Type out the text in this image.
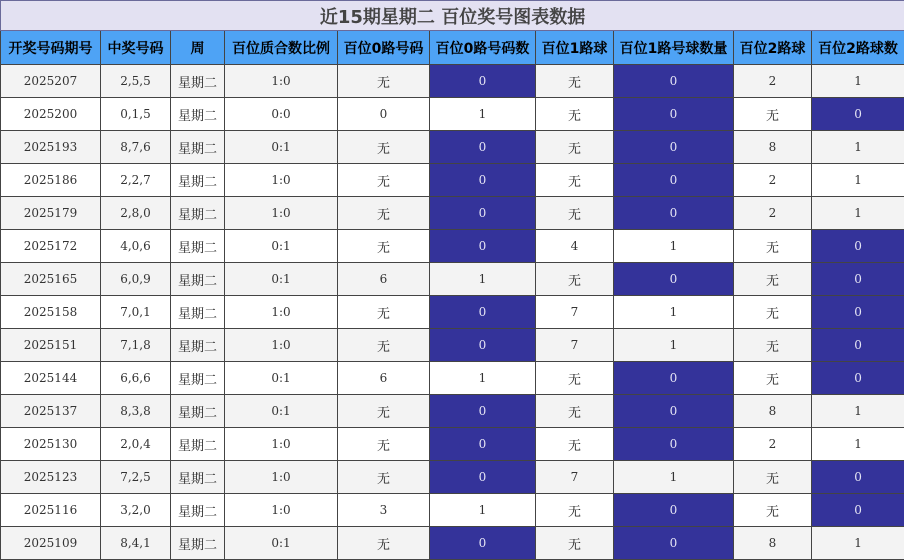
近15期星期二 百位奖号图表数据									
开奖号码期号	中奖号码	周	百位质合数比例	百位0路号码	百位0路号码数	百位1路球	百位1路号球数量	百位2路球	百位2路球数
2025207	2,5,5	星期二	1:0	无	0	无	0	2	1
2025200	0,1,5	星期二	0:0	0	1	无	0	无	0
2025193	8,7,6	星期二	0:1	无	0	无	0	8	1
2025186	2,2,7	星期二	1:0	无	0	无	0	2	1
2025179	2,8,0	星期二	1:0	无	0	无	0	2	1
2025172	4,0,6	星期二	0:1	无	0	4	1	无	0
2025165	6,0,9	星期二	0:1	6	1	无	0	无	0
2025158	7,0,1	星期二	1:0	无	0	7	1	无	0
2025151	7,1,8	星期二	1:0	无	0	7	1	无	0
2025144	6,6,6	星期二	0:1	6	1	无	0	无	0
2025137	8,3,8	星期二	0:1	无	0	无	0	8	1
2025130	2,0,4	星期二	1:0	无	0	无	0	2	1
2025123	7,2,5	星期二	1:0	无	0	7	1	无	0
2025116	3,2,0	星期二	1:0	3	1	无	0	无	0
2025109	8,4,1	星期二	0:1	无	0	无	0	8	1
